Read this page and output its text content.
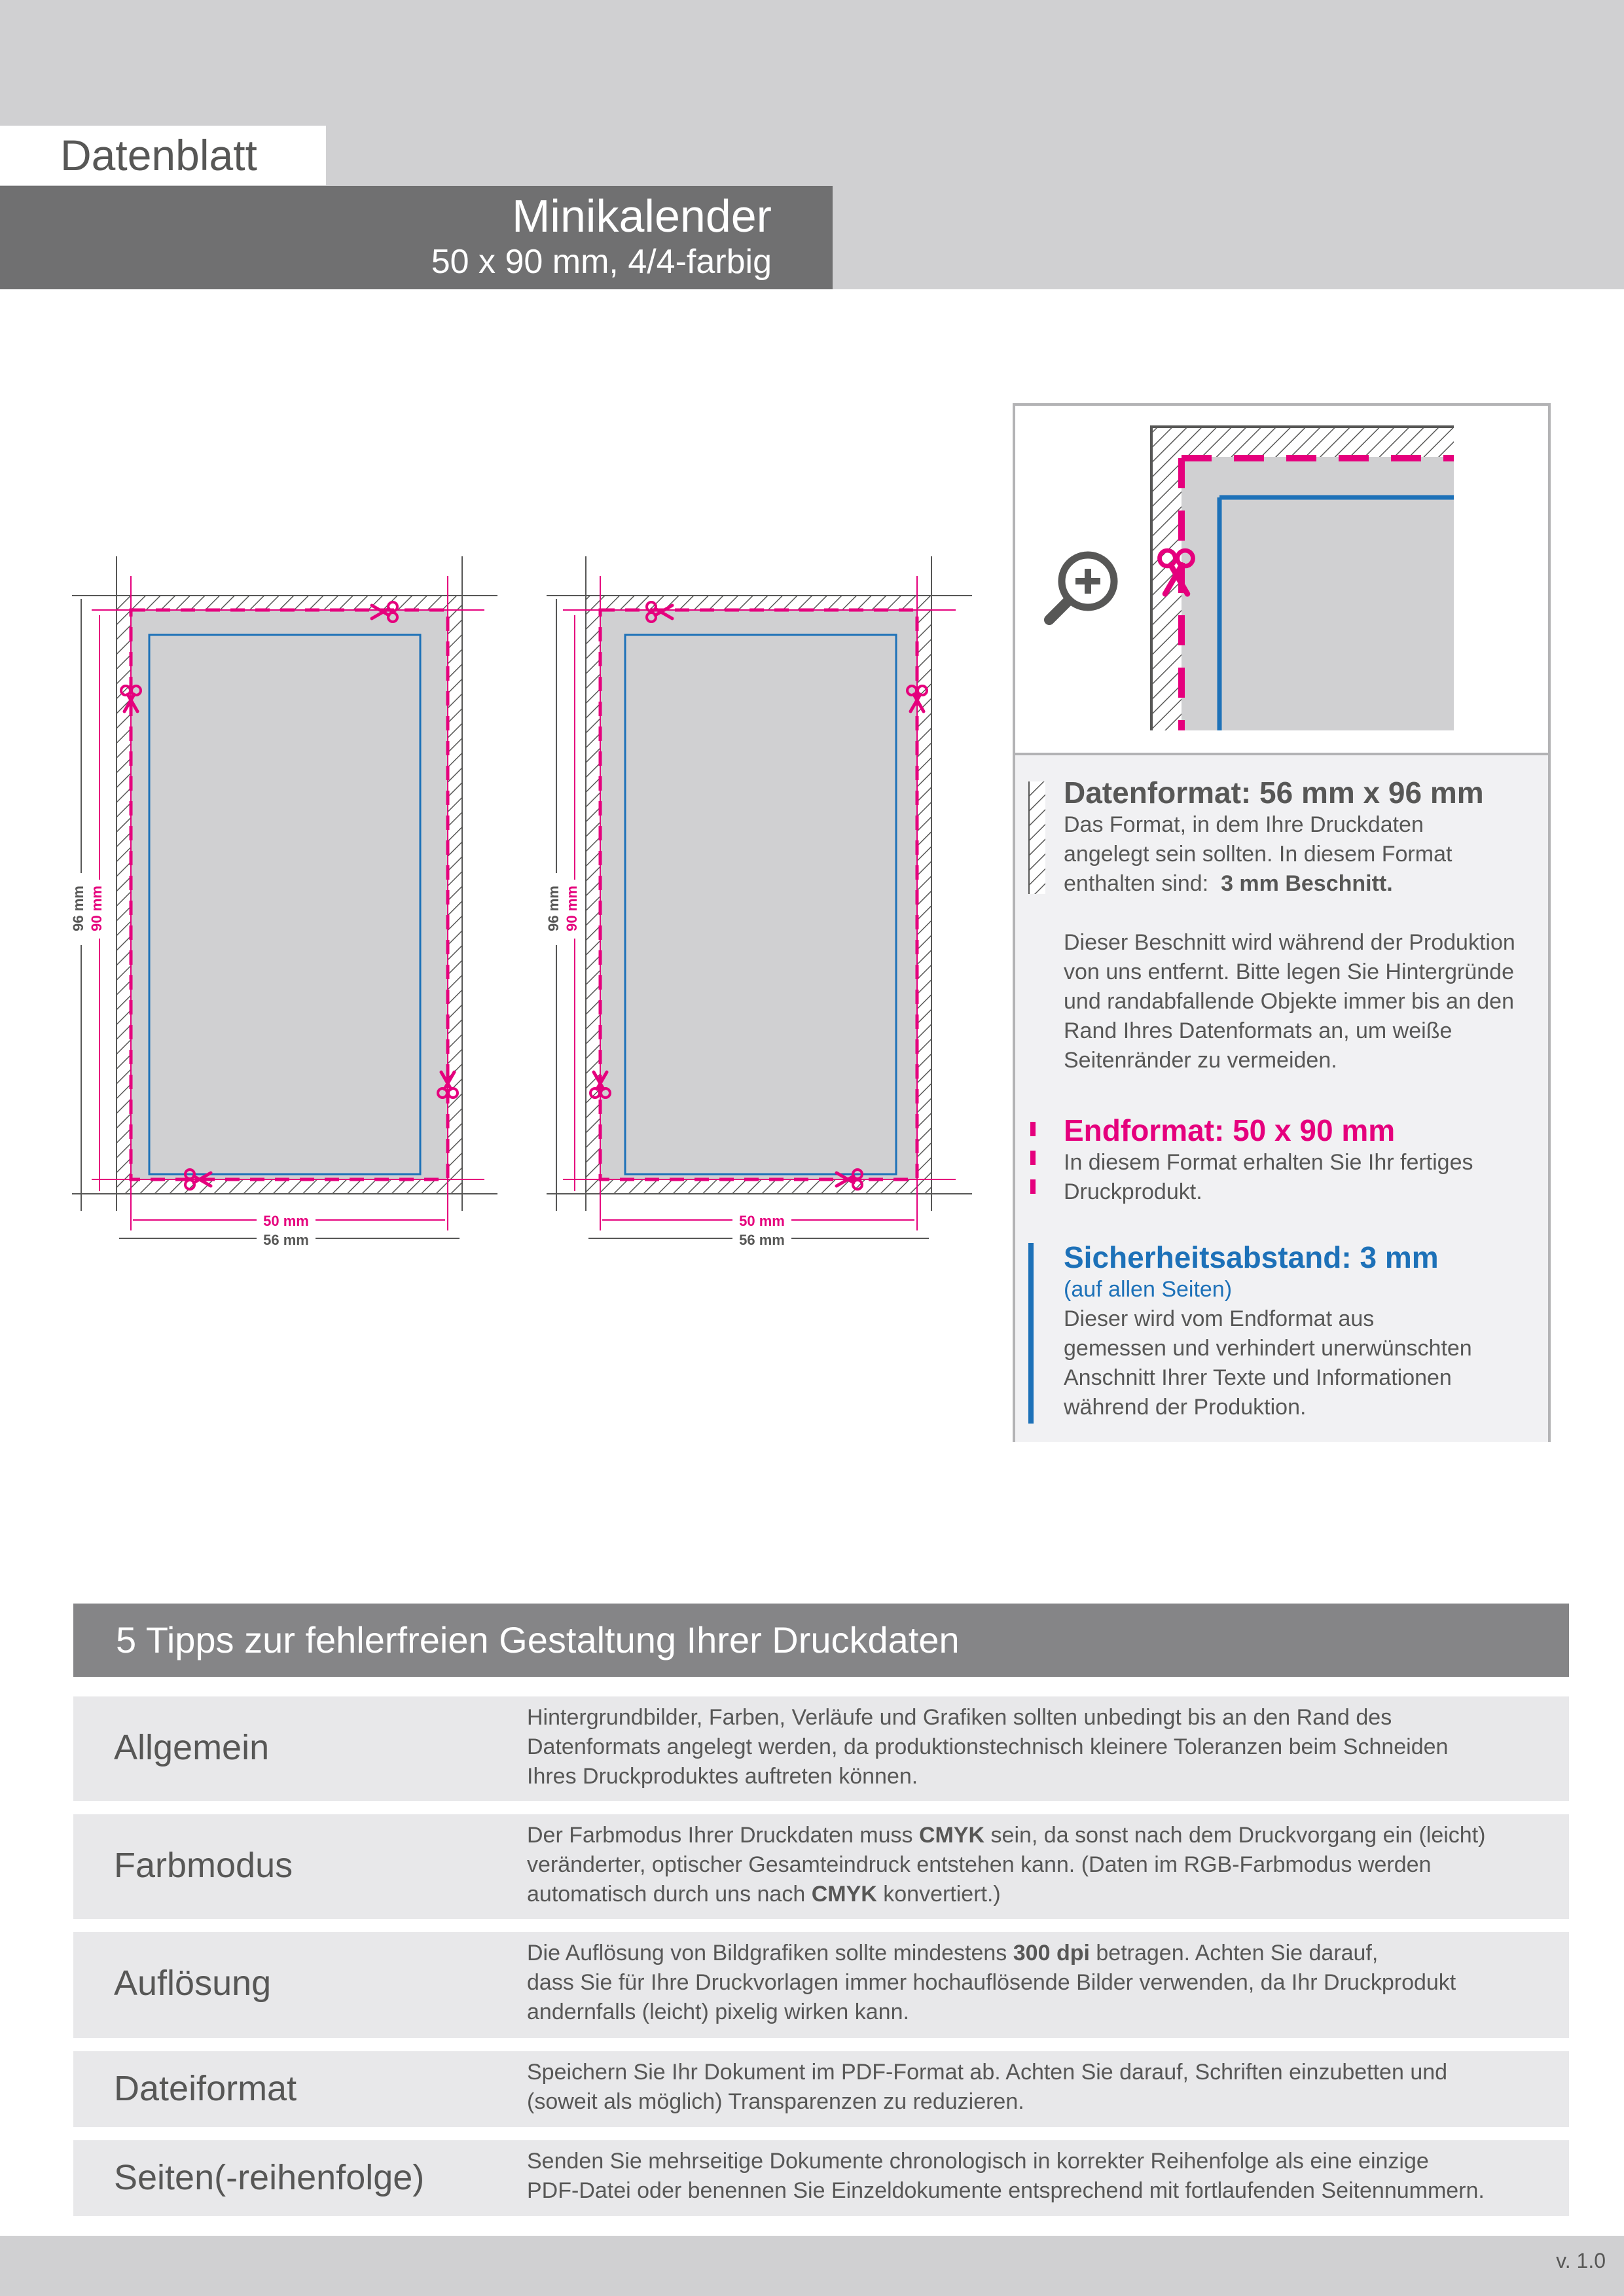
Datenblatt
Minikalender
50 x 90 mm, 4/4-farbig
96 mm 90 mm
50 mm
56 mm
96 mm 90 mm
50 mm
56 mm
Datenformat: 56 mm x 96 mm

Das Format, in dem Ihre Druckdaten

angelegt sein sollten. In diesem Format

enthalten sind: 3 mm Beschnitt.

Dieser Beschnitt wird während der Produktion

von uns entfernt. Bitte legen Sie Hintergründe

und randabfallende Objekte immer bis an den

Rand Ihres Datenformats an, um weiße

Seitenränder zu vermeiden.

Endformat: 50 x 90 mm

In diesem Format erhalten Sie Ihr fertiges

Druckprodukt.

Sicherheitsabstand: 3 mm

(auf allen Seiten)

Dieser wird vom Endformat aus

gemessen und verhindert unerwünschten

Anschnitt Ihrer Texte und Informationen

während der Produktion.

5 Tipps zur fehlerfreien Gestaltung Ihrer Druckdaten
Allgemein
Hintergrundbilder, Farben, Verläufe und Grafiken sollten unbedingt bis an den Rand des
Datenformats angelegt werden, da produktionstechnisch kleinere Toleranzen beim Schneiden
Ihres Druckproduktes auftreten können.
Farbmodus
Der Farbmodus Ihrer Druckdaten muss CMYK sein, da sonst nach dem Druckvorgang ein (leicht)
veränderter, optischer Gesamteindruck entstehen kann. (Daten im RGB-Farbmodus werden
automatisch durch uns nach CMYK konvertiert.)
Auflösung
Die Auflösung von Bildgrafiken sollte mindestens 300 dpi betragen. Achten Sie darauf,
dass Sie für Ihre Druckvorlagen immer hochauflösende Bilder verwenden, da Ihr Druckprodukt
andernfalls (leicht) pixelig wirken kann.
Dateiformat	Speichern Sie Ihr Dokument im PDF-Format ab. Achten Sie darauf, Schriften einzubetten und
(soweit als möglich) Transparenzen zu reduzieren.
Seiten(-reihenfolge)	Senden Sie mehrseitige Dokumente chronologisch in korrekter Reihenfolge als eine einzige
PDF-Datei oder benennen Sie Einzeldokumente entsprechend mit fortlaufenden Seitennummern.
v. 1.0
